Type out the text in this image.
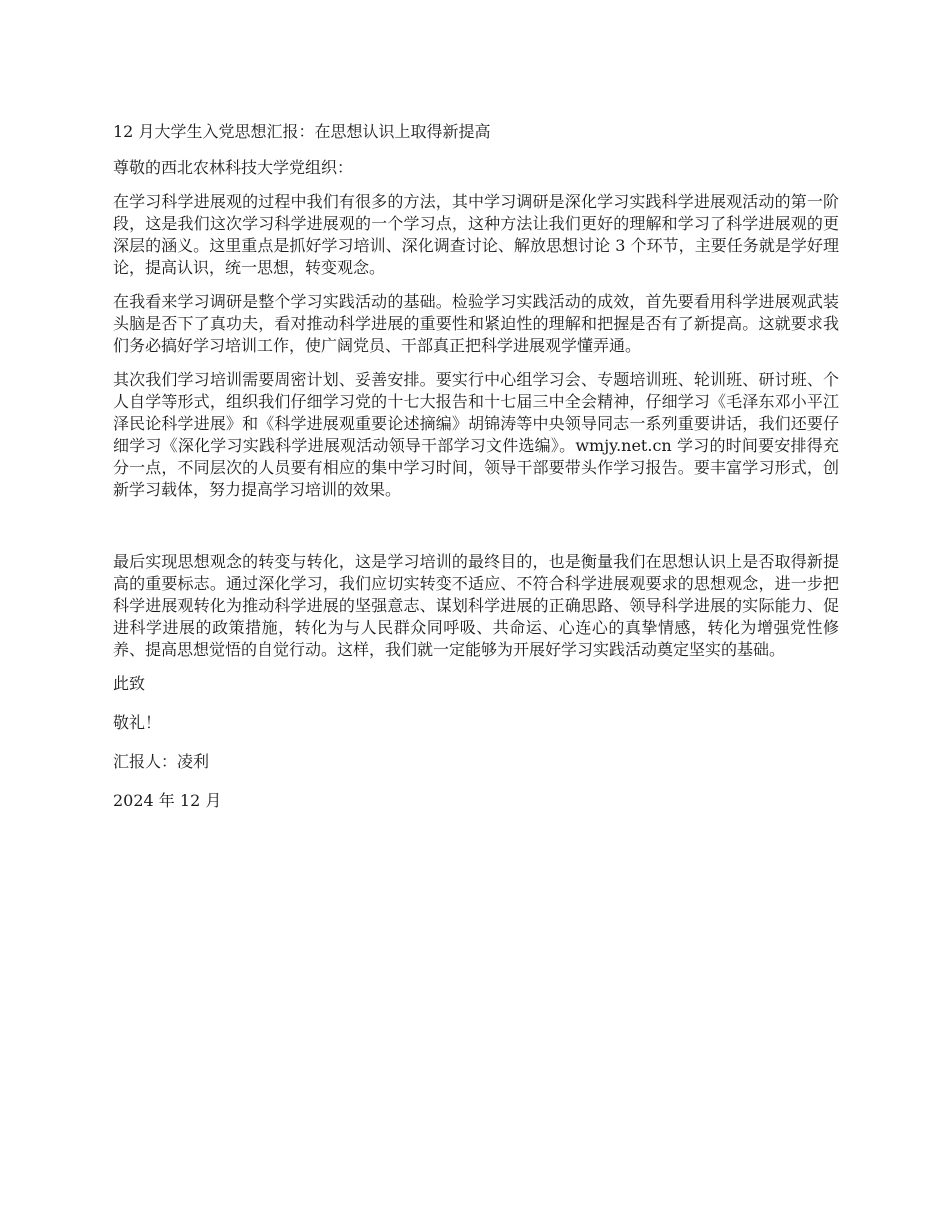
12 月大学生入党思想汇报：在思想认识上取得新提高

尊敬的西北农林科技大学党组织：

在学习科学进展观的过程中我们有很多的方法，其中学习调研是深化学习实践科学进展观活动的第一阶段，这是我们这次学习科学进展观的一个学习点，这种方法让我们更好的理解和学习了科学进展观的更深层的涵义。这里重点是抓好学习培训、深化调查讨论、解放思想讨论 3 个环节，主要任务就是学好理论，提高认识，统一思想，转变观念。

在我看来学习调研是整个学习实践活动的基础。检验学习实践活动的成效，首先要看用科学进展观武装头脑是否下了真功夫，看对推动科学进展的重要性和紧迫性的理解和把握是否有了新提高。这就要求我们务必搞好学习培训工作，使广阔党员、干部真正把科学进展观学懂弄通。

其次我们学习培训需要周密计划、妥善安排。要实行中心组学习会、专题培训班、轮训班、研讨班、个人自学等形式，组织我们仔细学习党的十七大报告和十七届三中全会精神，仔细学习《毛泽东邓小平江泽民论科学进展》和《科学进展观重要论述摘编》胡锦涛等中央领导同志一系列重要讲话，我们还要仔细学习《深化学习实践科学进展观活动领导干部学习文件选编》。wmjy.net.cn 学习的时间要安排得充分一点，不同层次的人员要有相应的集中学习时间，领导干部要带头作学习报告。要丰富学习形式，创新学习载体，努力提高学习培训的效果。

最后实现思想观念的转变与转化，这是学习培训的最终目的，也是衡量我们在思想认识上是否取得新提高的重要标志。通过深化学习，我们应切实转变不适应、不符合科学进展观要求的思想观念，进一步把科学进展观转化为推动科学进展的坚强意志、谋划科学进展的正确思路、领导科学进展的实际能力、促进科学进展的政策措施，转化为与人民群众同呼吸、共命运、心连心的真挚情感，转化为增强党性修养、提高思想觉悟的自觉行动。这样，我们就一定能够为开展好学习实践活动奠定坚实的基础。

此致

敬礼！

汇报人：凌利

2024 年 12 月
